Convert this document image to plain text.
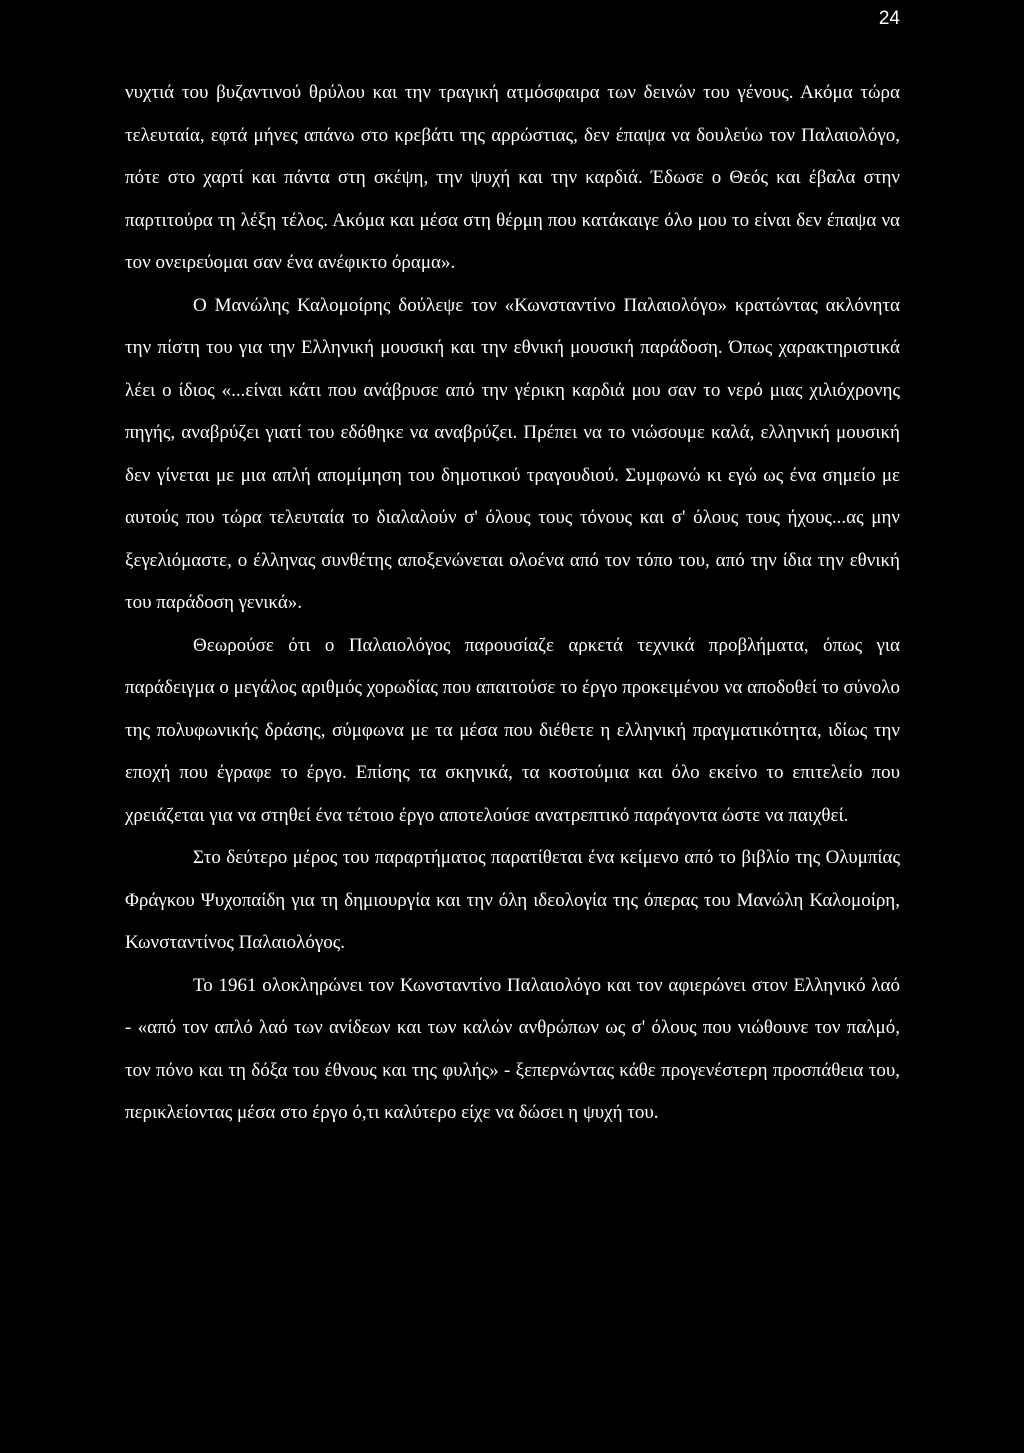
24

νυχτιά του βυζαντινού θρύλου και την τραγική ατμόσφαιρα των δεινών του γένους. Ακόμα τώρα τελευταία, εφτά μήνες απάνω στο κρεβάτι της αρρώστιας, δεν έπαψα να δουλεύω τον Παλαιολόγο, πότε στο χαρτί και πάντα στη σκέψη, την ψυχή και την καρδιά. Έδωσε ο Θεός και έβαλα στην παρτιτούρα τη λέξη τέλος. Ακόμα και μέσα στη θέρμη που κατάκαιγε όλο μου το είναι δεν έπαψα να τον ονειρεύομαι σαν ένα ανέφικτο όραμα».

Ο Μανώλης Καλομοίρης δούλεψε τον «Κωνσταντίνο Παλαιολόγο» κρατώντας ακλόνητα την πίστη του για την Ελληνική μουσική και την εθνική μουσική παράδοση. Όπως χαρακτηριστικά λέει ο ίδιος «...είναι κάτι που ανάβρυσε από την γέρικη καρδιά μου σαν το νερό μιας χιλιόχρονης πηγής, αναβρύζει γιατί του εδόθηκε να αναβρύζει. Πρέπει να το νιώσουμε καλά, ελληνική μουσική δεν γίνεται με μια απλή απομίμηση του δημοτικού τραγουδιού. Συμφωνώ κι εγώ ως ένα σημείο με αυτούς που τώρα τελευταία το διαλαλούν σ' όλους τους τόνους και σ' όλους τους ήχους...ας μην ξεγελιόμαστε, ο έλληνας συνθέτης αποξενώνεται ολοένα από τον τόπο του, από την ίδια την εθνική του παράδοση γενικά».

Θεωρούσε ότι ο Παλαιολόγος παρουσίαζε αρκετά τεχνικά προβλήματα, όπως για παράδειγμα ο μεγάλος αριθμός χορωδίας που απαιτούσε το έργο προκειμένου να αποδοθεί το σύνολο της πολυφωνικής δράσης, σύμφωνα με τα μέσα που διέθετε η ελληνική πραγματικότητα, ιδίως την εποχή που έγραφε το έργο. Επίσης τα σκηνικά, τα κοστούμια και όλο εκείνο το επιτελείο που χρειάζεται για να στηθεί ένα τέτοιο έργο αποτελούσε ανατρεπτικό παράγοντα ώστε να παιχθεί.

Στο δεύτερο μέρος του παραρτήματος παρατίθεται ένα κείμενο από το βιβλίο της Ολυμπίας Φράγκου Ψυχοπαίδη για τη δημιουργία και την όλη ιδεολογία της όπερας του Μανώλη Καλομοίρη, Κωνσταντίνος Παλαιολόγος.

Το 1961 ολοκληρώνει τον Κωνσταντίνο Παλαιολόγο και τον αφιερώνει στον Ελληνικό λαό - «από τον απλό λαό των ανίδεων και των καλών ανθρώπων ως σ' όλους που νιώθουνε τον παλμό, τον πόνο και τη δόξα του έθνους και της φυλής» - ξεπερνώντας κάθε προγενέστερη προσπάθεια του, περικλείοντας μέσα στο έργο ό,τι καλύτερο είχε να δώσει η ψυχή του.
